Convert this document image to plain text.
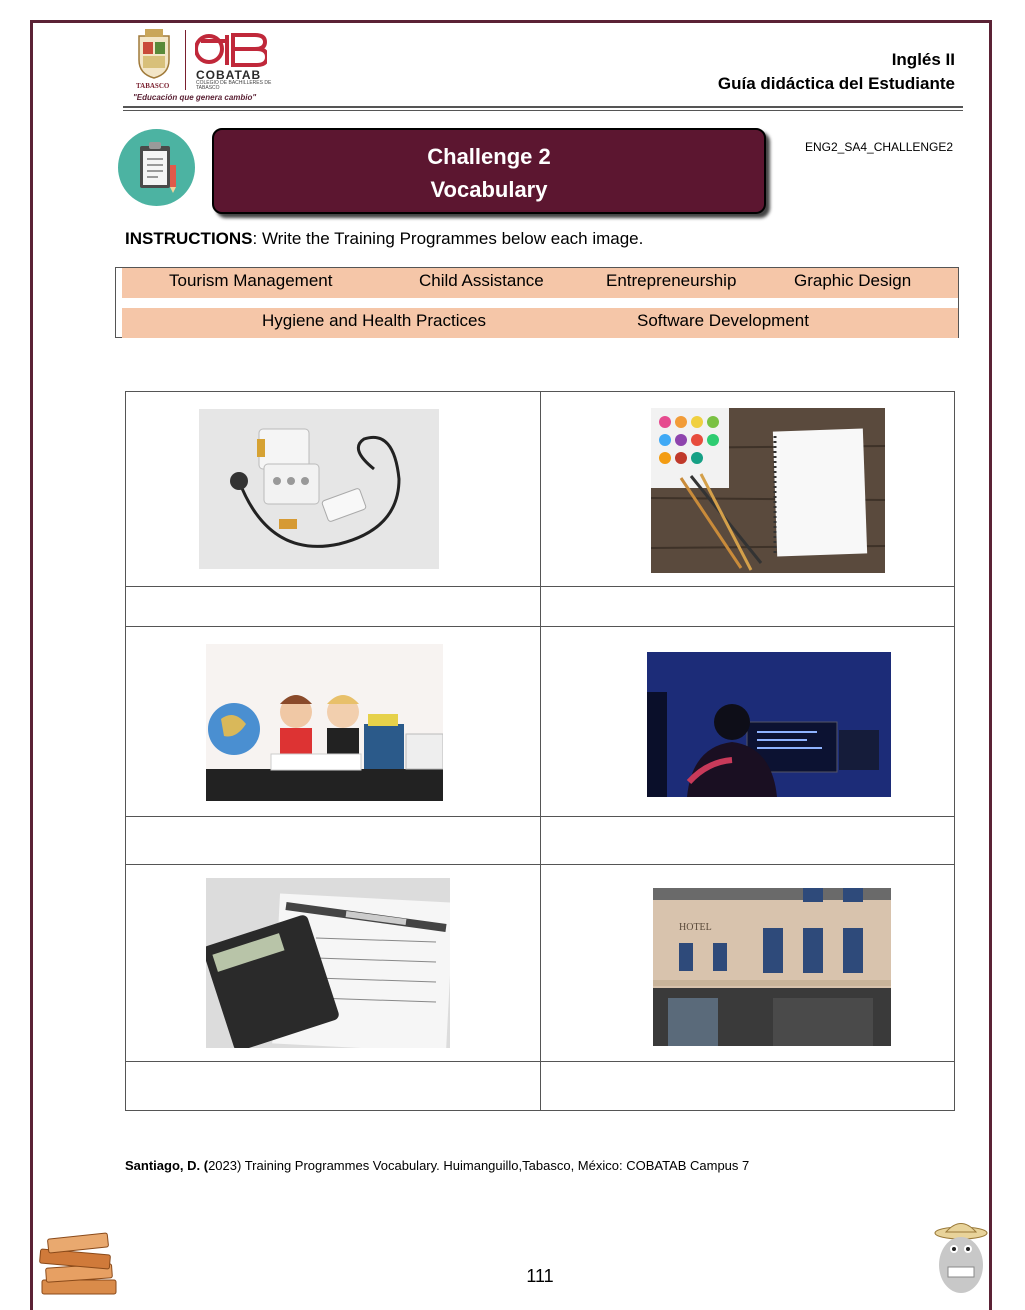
COBATAB
COLEGIO DE BACHILLERES DE TABASCO
TABASCO
"Educación que genera cambio"
Inglés II
Guía didáctica del Estudiante
Challenge 2
Vocabulary
ENG2_SA4_CHALLENGE2
INSTRUCTIONS: Write the Training Programmes below each image.
Tourism Management	Child Assistance	Entrepreneurship	Graphic Design
Hygiene and Health Practices	Software Development
HOTEL
Santiago, D. (2023) Training Programmes Vocabulary. Huimanguillo,Tabasco, México: COBATAB Campus 7
111
